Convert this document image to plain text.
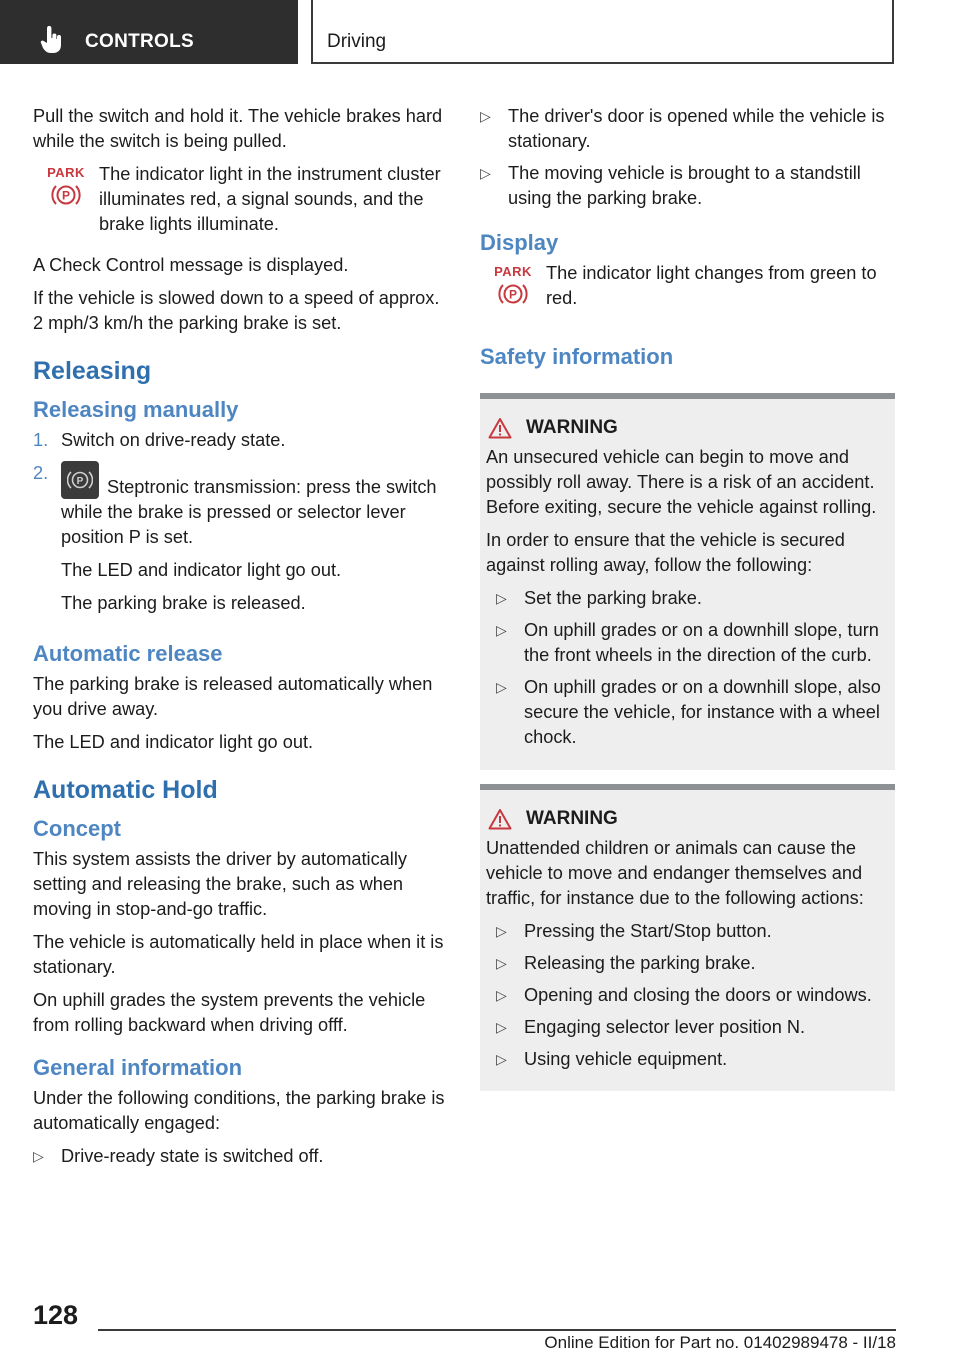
CONTROLS	Driving

Pull the switch and hold it. The vehicle brakes hard while the switch is being pulled.

PARK
P

The indicator light in the instrument cluster illuminates red, a signal sounds, and the brake lights illuminate.

A Check Control message is displayed.

If the vehicle is slowed down to a speed of approx. 2 mph/3 km/h the parking brake is set.

Releasing
Releasing manually
1. Switch on drive-ready state.

2.	P Steptronic transmission: press the switch while the brake is pressed or selector lever position P is set.

The LED and indicator light go out.

The parking brake is released.

Automatic release

The parking brake is released automatically when you drive away.

The LED and indicator light go out.

Automatic Hold
Concept

This system assists the driver by automatically setting and releasing the brake, such as when moving in stop-and-go traffic.

The vehicle is automatically held in place when it is stationary.

On uphill grades the system prevents the vehicle from rolling backward when driving offf.

General information

Under the following conditions, the parking brake is automatically engaged:

▷ Drive-ready state is switched off.
▷ The driver's door is opened while the vehicle is stationary.
▷ The moving vehicle is brought to a standstill using the parking brake.
Display
PARK
P

The indicator light changes from green to red.

Safety information
WARNING

An unsecured vehicle can begin to move and possibly roll away. There is a risk of an accident. Before exiting, secure the vehicle against rolling.

In order to ensure that the vehicle is secured against rolling away, follow the following:

▷ Set the parking brake.
▷ On uphill grades or on a downhill slope, turn the front wheels in the direction of the curb.
▷ On uphill grades or on a downhill slope, also secure the vehicle, for instance with a wheel chock.
WARNING

Unattended children or animals can cause the vehicle to move and endanger themselves and traffic, for instance due to the following actions:

▷ Pressing the Start/Stop button.
▷ Releasing the parking brake.
▷ Opening and closing the doors or windows.
▷ Engaging selector lever position N.
▷ Using vehicle equipment.
128
Online Edition for Part no. 01402989478 - II/18
